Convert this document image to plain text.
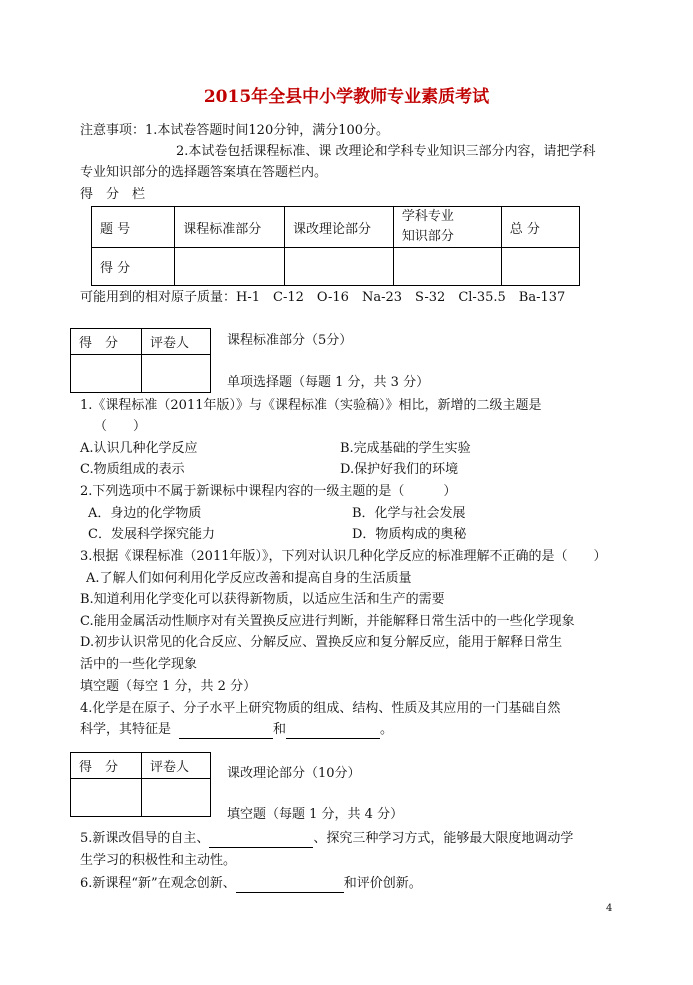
2015年全县中小学教师专业素质考试
注意事项：1.本试卷答题时间120分钟，满分100分。
2.本试卷包括课程标准、课 改理论和学科专业知识三部分内容，请把学科
专业知识部分的选择题答案填在答题栏内。
得　分　栏
题 号	课程标准部分	课改理论部分	学科专业
知识部分	总 分
得 分				
可能用到的相对原子质量：H-1　C-12　O-16　Na-23　S-32　Cl-35.5　Ba-137
得　分	评卷人
		课程标准部分（5分）
单项选择题（每题 1 分，共 3 分）
1.《课程标准（2011年版）》与《课程标准（实验稿）》相比，新增的二级主题是
（　　）
A.认识几种化学反应	B.完成基础的学生实验
C.物质组成的表示	D.保护好我们的环境
2.下列选项中不属于新课标中课程内容的一级主题的是（　　　）
A．身边的化学物质	B．化学与社会发展
C．发展科学探究能力	D．物质构成的奥秘
3.根据《课程标准（2011年版）》，下列对认识几种化学反应的标准理解不正确的是（　　）
A.了解人们如何利用化学反应改善和提高自身的生活质量
B.知道利用化学变化可以获得新物质，以适应生活和生产的需要
C.能用金属活动性顺序对有关置换反应进行判断，并能解释日常生活中的一些化学现象
D.初步认识常见的化合反应、分解反应、置换反应和复分解反应，能用于解释日常生
活中的一些化学现象
填空题（每空 1 分，共 2 分）
4.化学是在原子、分子水平上研究物质的组成、结构、性质及其应用的一门基础自然
科学，其特征是	和	。
得　分	评卷人
		课改理论部分（10分）
填空题（每题 1 分，共 4 分）
5.新课改倡导的自主、	、探究三种学习方式，能够最大限度地调动学
生学习的积极性和主动性。
6.新课程“新”在观念创新、	和评价创新。
4
